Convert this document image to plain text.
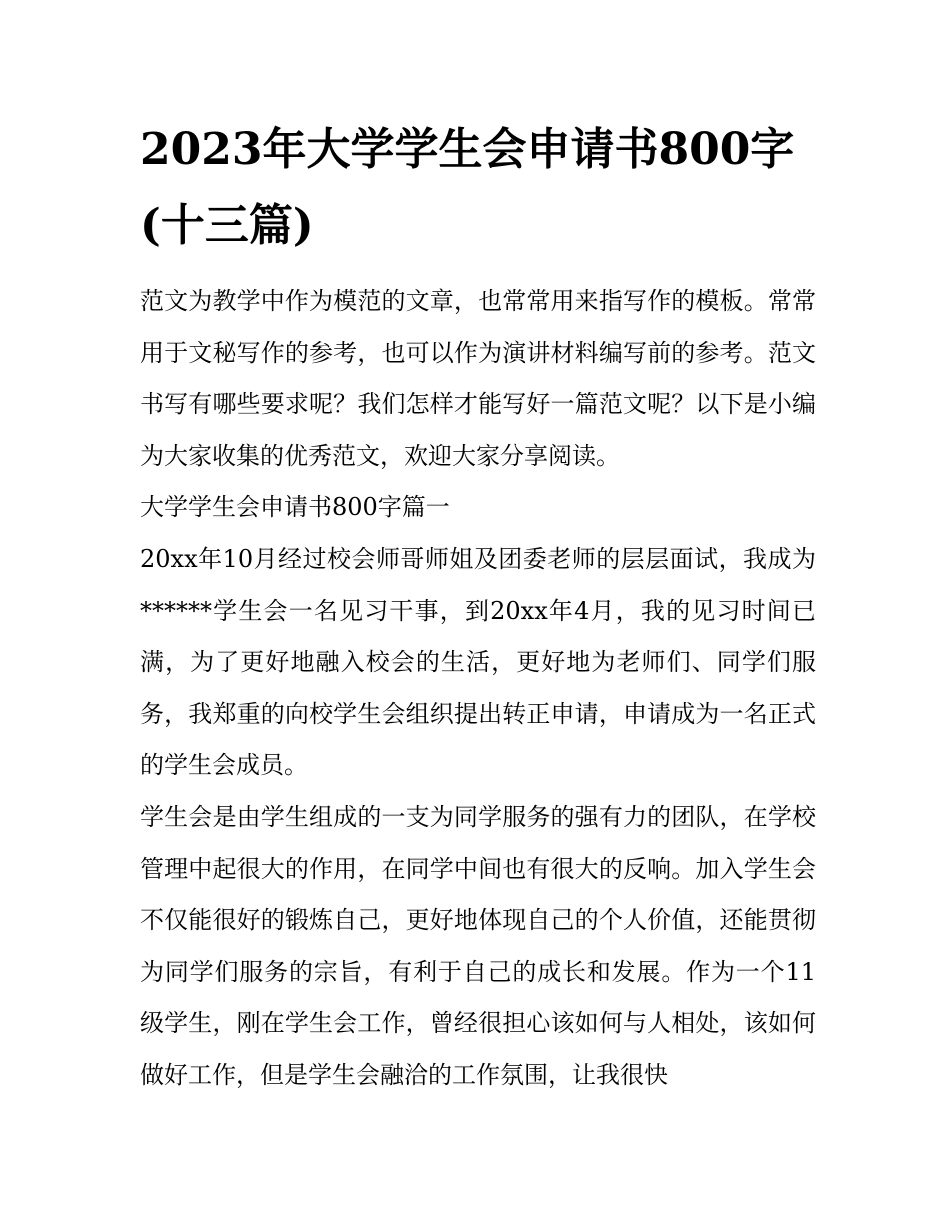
2023年大学学生会申请书800字(十三篇)

范文为教学中作为模范的文章，也常常用来指写作的模板。常常用于文秘写作的参考，也可以作为演讲材料编写前的参考。范文书写有哪些要求呢？我们怎样才能写好一篇范文呢？以下是小编为大家收集的优秀范文，欢迎大家分享阅读。

大学学生会申请书800字篇一

20xx年10月经过校会师哥师姐及团委老师的层层面试，我成为******学生会一名见习干事，到20xx年4月，我的见习时间已满，为了更好地融入校会的生活，更好地为老师们、同学们服务，我郑重的向校学生会组织提出转正申请，申请成为一名正式的学生会成员。

学生会是由学生组成的一支为同学服务的强有力的团队，在学校管理中起很大的作用，在同学中间也有很大的反响。加入学生会不仅能很好的锻炼自己，更好地体现自己的个人价值，还能贯彻为同学们服务的宗旨，有利于自己的成长和发展。作为一个11级学生，刚在学生会工作，曾经很担心该如何与人相处，该如何做好工作，但是学生会融洽的工作氛围，让我很快
